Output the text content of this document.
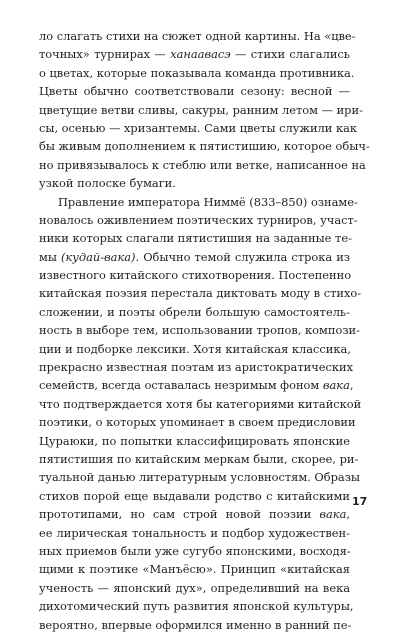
ло слагать стихи на сюжет одной картины. На «цве-
точных» турнирах — ханаавасэ — стихи слагались
о цветах, которые показывала команда противника.
Цветы обычно соответствовали сезону: весной —
цветущие ветви сливы, сакуры, ранним летом — ири-
сы, осенью — хризантемы. Сами цветы служили как
бы живым дополнением к пятистишию, которое обыч-
но привязывалось к стеблю или ветке, написанное на
узкой полоске бумаги.
Правление императора Ниммё (833–850) ознаме-
новалось оживлением поэтических турниров, участ-
ники которых слагали пятистишия на заданные те-
мы (кудай-вака). Обычно темой служила строка из
известного китайского стихотворения. Постепенно
китайская поэзия перестала диктовать моду в стихо-
сложении, и поэты обрели большую самостоятель-
ность в выборе тем, использовании тропов, компози-
ции и подборке лексики. Хотя китайская классика,
прекрасно известная поэтам из аристократических
семейств, всегда оставалась незримым фоном вака,
что подтверждается хотя бы категориями китайской
поэтики, о которых упоминает в своем предисловии
Цураюки, по попытки классифицировать японские
пятистишия по китайским меркам были, скорее, ри-
туальной данью литературным условностям. Образы
стихов порой еще выдавали родство с китайскими
прототипами, но сам строй новой поэзии вака,
ее лирическая тональность и подбор художествен-
ных приемов были уже сугубо японскими, восходя-
щими к поэтике «Манъёсю». Принцип «китайская
ученость — японский дух», определивший на века
дихотомический путь развития японской культуры,
вероятно, впервые оформился именно в ранний пе-
17
